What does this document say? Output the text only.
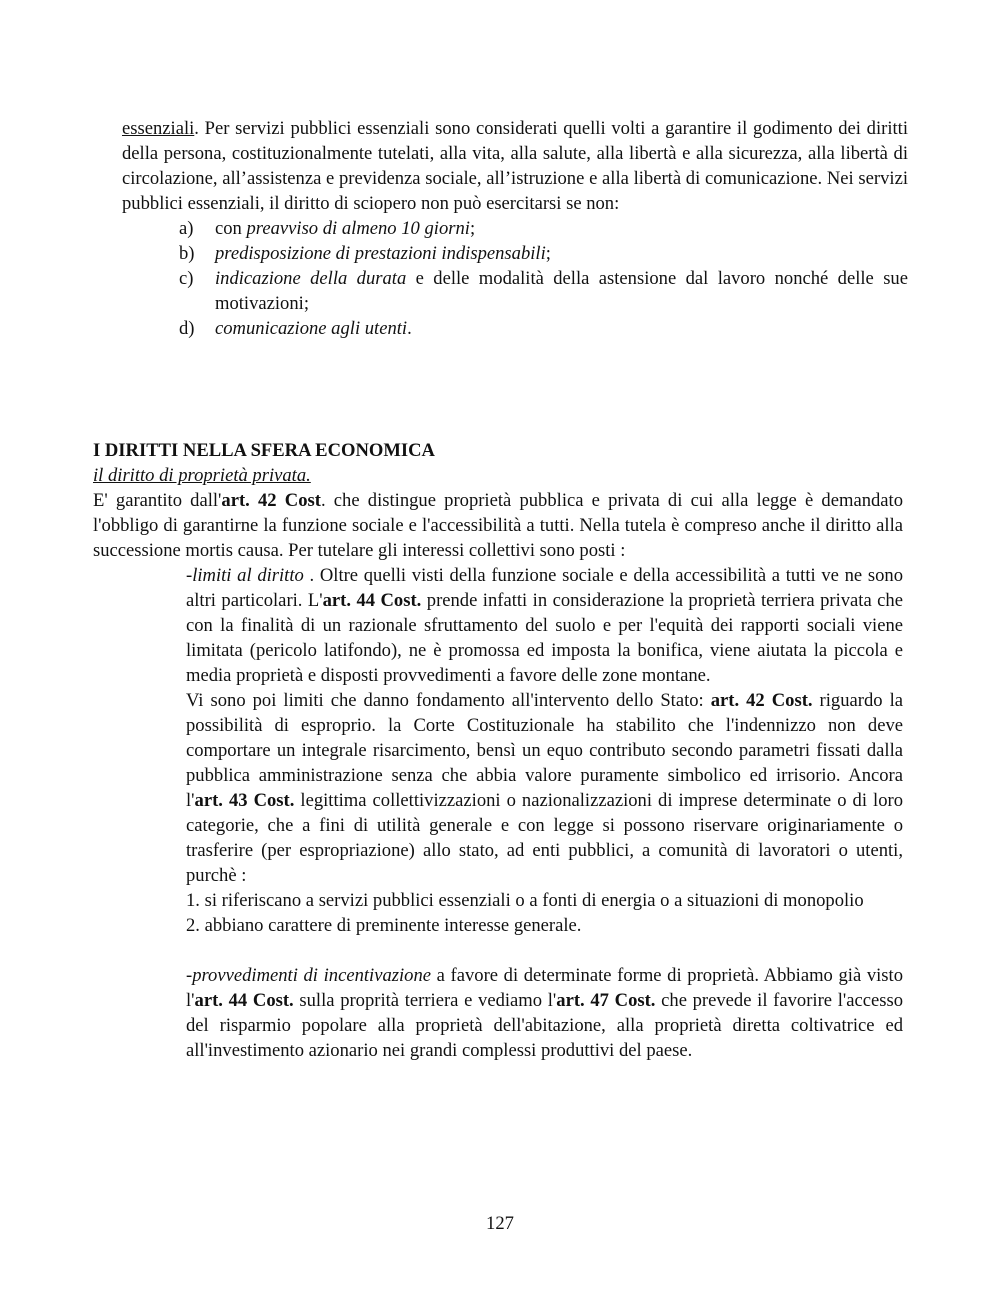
essenziali. Per servizi pubblici essenziali sono considerati quelli volti a garantire il godimento dei diritti della persona, costituzionalmente tutelati, alla vita, alla salute, alla libertà e alla sicurezza, alla libertà di circolazione, all’assistenza e previdenza sociale, all’istruzione e alla libertà di comunicazione. Nei servizi pubblici essenziali, il diritto di sciopero non può esercitarsi se non:

a) con preavviso di almeno 10 giorni;
b) predisposizione di prestazioni indispensabili;
c) indicazione della durata e delle modalità della astensione dal lavoro nonché delle sue motivazioni;
d) comunicazione agli utenti.

I DIRITTI NELLA SFERA ECONOMICA

il diritto di proprietà privata.

E' garantito dall'art. 42 Cost. che distingue proprietà pubblica e privata di cui alla legge è demandato l'obbligo di garantirne la funzione sociale e l'accessibilità a tutti. Nella tutela è compreso anche il diritto alla successione mortis causa. Per tutelare gli interessi collettivi sono posti :

-limiti al diritto . Oltre quelli visti della funzione sociale e della accessibilità a tutti ve ne sono altri particolari. L'art. 44 Cost. prende infatti in considerazione la proprietà terriera privata che con la finalità di un razionale sfruttamento del suolo e per l'equità dei rapporti sociali viene limitata (pericolo latifondo), ne è promossa ed imposta la bonifica, viene aiutata la piccola e media proprietà e disposti provvedimenti a favore delle zone montane.

Vi sono poi limiti che danno fondamento all'intervento dello Stato: art. 42 Cost. riguardo la possibilità di esproprio. la Corte Costituzionale ha stabilito che l'indennizzo non deve comportare un integrale risarcimento, bensì un equo contributo secondo parametri fissati dalla pubblica amministrazione senza che abbia valore puramente simbolico ed irrisorio. Ancora l'art. 43 Cost. legittima collettivizzazioni o nazionalizzazioni di imprese determinate o di loro categorie, che a fini di utilità generale e con legge si possono riservare originariamente o trasferire (per espropriazione) allo stato, ad enti pubblici, a comunità di lavoratori o utenti, purchè :

1. si riferiscano a servizi pubblici essenziali o a fonti di energia o a situazioni di monopolio

2. abbiano carattere di preminente interesse generale.

-provvedimenti di incentivazione a favore di determinate forme di proprietà. Abbiamo già visto l'art. 44 Cost. sulla proprità terriera e vediamo l'art. 47 Cost. che prevede il favorire l'accesso del risparmio popolare alla proprietà dell'abitazione, alla proprietà diretta coltivatrice ed all'investimento azionario nei grandi complessi produttivi del paese.

127
